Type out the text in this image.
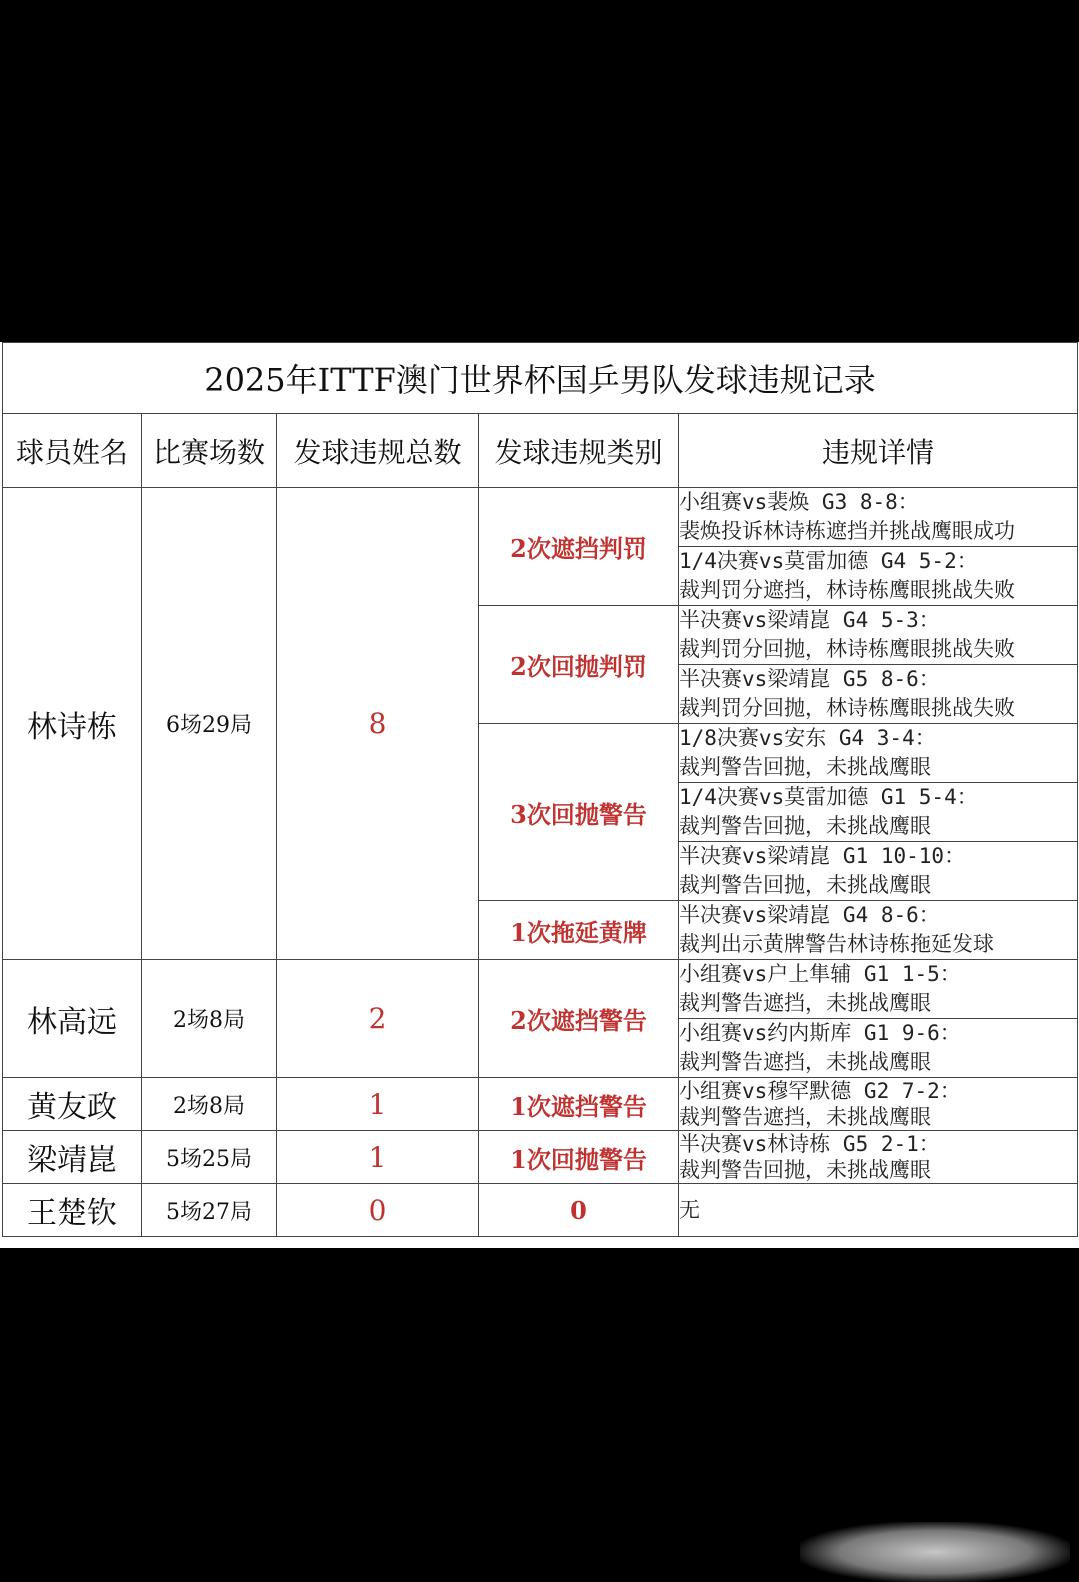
2025年ITTF澳门世界杯国乒男队发球违规记录				
球员姓名	比赛场数	发球违规总数	发球违规类别	违规详情
林诗栋	6场29局	8	2次遮挡判罚	小组赛vs裴焕 G3 8-8：
裴焕投诉林诗栋遮挡并挑战鹰眼成功

				1/4决赛vs莫雷加德 G4 5-2：
裁判罚分遮挡，林诗栋鹰眼挑战失败

			2次回抛判罚	半决赛vs梁靖崑 G4 5-3：
裁判罚分回抛，林诗栋鹰眼挑战失败

				半决赛vs梁靖崑 G5 8-6：
裁判罚分回抛，林诗栋鹰眼挑战失败

			3次回抛警告	1/8决赛vs安东 G4 3-4：
裁判警告回抛，未挑战鹰眼

				1/4决赛vs莫雷加德 G1 5-4：
裁判警告回抛，未挑战鹰眼

				半决赛vs梁靖崑 G1 10-10：
裁判警告回抛，未挑战鹰眼

			1次拖延黄牌	半决赛vs梁靖崑 G4 8-6：
裁判出示黄牌警告林诗栋拖延发球

林高远	2场8局	2	2次遮挡警告	小组赛vs户上隼辅 G1 1-5：
裁判警告遮挡，未挑战鹰眼

				小组赛vs约内斯库 G1 9-6：
裁判警告遮挡，未挑战鹰眼

黄友政	2场8局	1	1次遮挡警告	小组赛vs穆罕默德 G2 7-2：
裁判警告遮挡，未挑战鹰眼

梁靖崑	5场25局	1	1次回抛警告	半决赛vs林诗栋 G5 2-1：
裁判警告回抛，未挑战鹰眼

王楚钦	5场27局	0	0	无
